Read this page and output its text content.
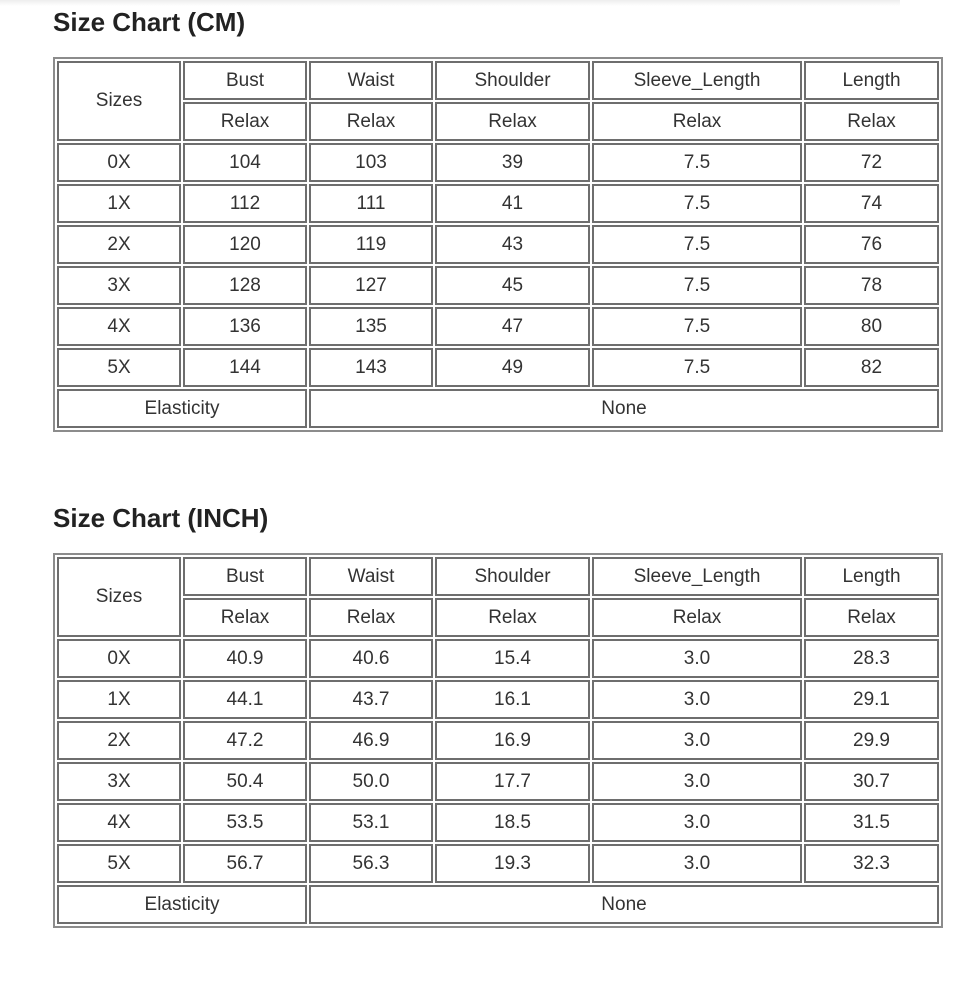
Size Chart (CM)
Sizes	Bust	Waist	Shoulder	Sleeve_Length	Length
	Relax	Relax	Relax	Relax	Relax
0X	104	103	39	7.5	72
1X	112	111	41	7.5	74
2X	120	119	43	7.5	76
3X	128	127	45	7.5	78
4X	136	135	47	7.5	80
5X	144	143	49	7.5	82
Elasticity		None			
Size Chart (INCH)
Sizes	Bust	Waist	Shoulder	Sleeve_Length	Length
	Relax	Relax	Relax	Relax	Relax
0X	40.9	40.6	15.4	3.0	28.3
1X	44.1	43.7	16.1	3.0	29.1
2X	47.2	46.9	16.9	3.0	29.9
3X	50.4	50.0	17.7	3.0	30.7
4X	53.5	53.1	18.5	3.0	31.5
5X	56.7	56.3	19.3	3.0	32.3
Elasticity		None			
